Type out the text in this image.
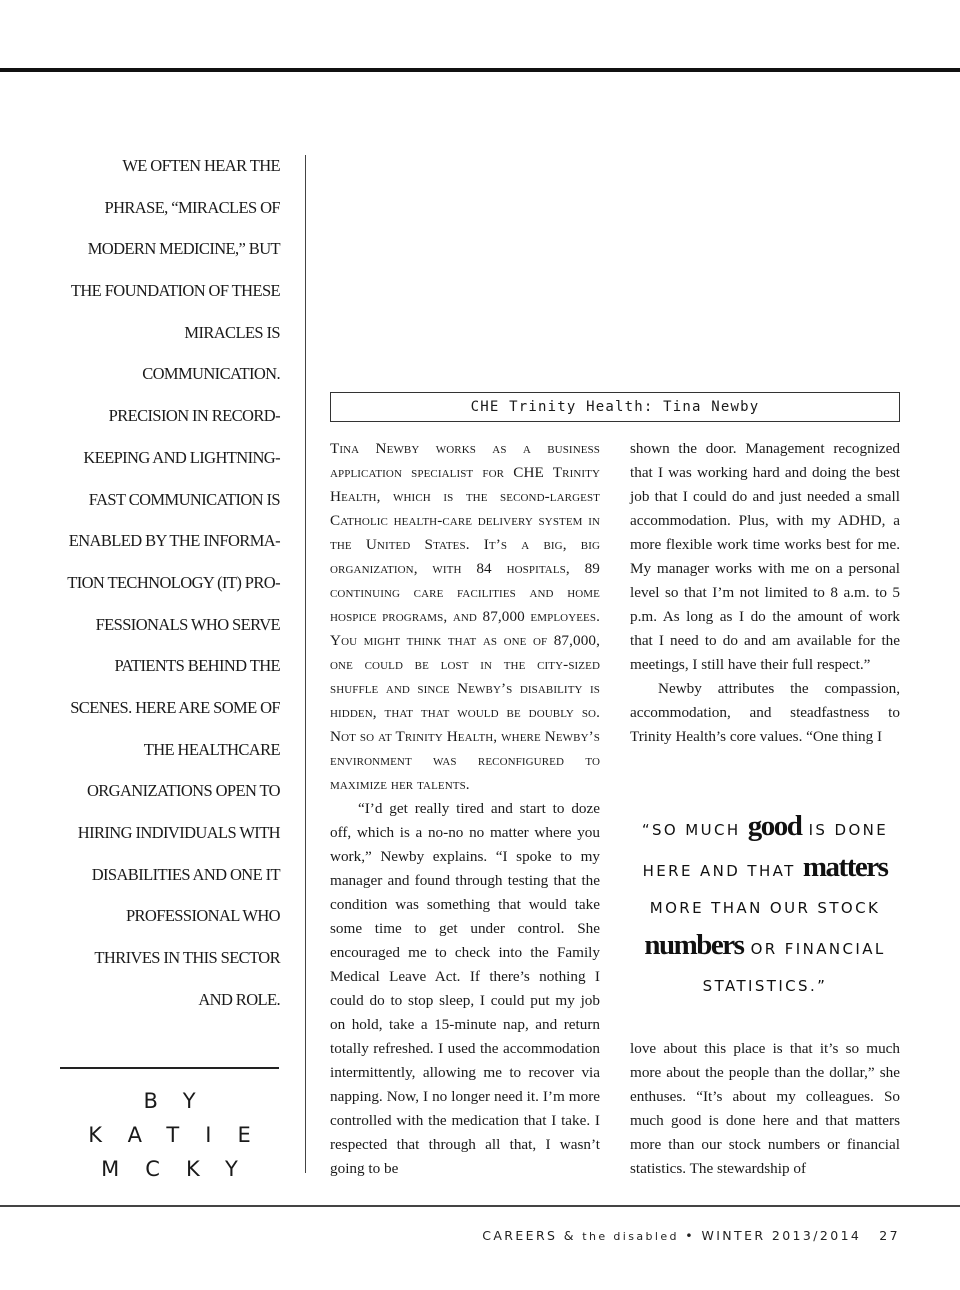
WE OFTEN HEAR THE
PHRASE, “MIRACLES OF
MODERN MEDICINE,” BUT
THE FOUNDATION OF THESE
MIRACLES IS
COMMUNICATION.
PRECISION IN RECORD-
KEEPING AND LIGHTNING-
FAST COMMUNICATION IS
ENABLED BY THE INFORMA-
TION TECHNOLOGY (IT) PRO-
FESSIONALS WHO SERVE
PATIENTS BEHIND THE
SCENES. HERE ARE SOME OF
THE HEALTHCARE
ORGANIZATIONS OPEN TO
HIRING INDIVIDUALS WITH
DISABILITIES AND ONE IT
PROFESSIONAL WHO
THRIVES IN THIS SECTOR
AND ROLE.
BY
KATIE
MCKY
CHE Trinity Health: Tina Newby

Tina Newby works as a business application specialist for CHE Trinity Health, which is the second-largest Catholic health-care delivery system in the United States. It’s a big, big organization, with 84 hospitals, 89 continuing care facilities and home hospice programs, and 87,000 employees. You might think that as one of 87,000, one could be lost in the city-sized shuffle and since Newby’s disability is hidden, that that would be doubly so. Not so at Trinity Health, where Newby’s environment was reconfigured to maximize her talents.

“I’d get really tired and start to doze off, which is a no-no no matter where you work,” Newby explains. “I spoke to my manager and found through testing that the condition was something that would take some time to get under control. She encouraged me to check into the Family Medical Leave Act. If there’s nothing I could do to stop sleep, I could put my job on hold, take a 15-minute nap, and return totally refreshed. I used the accommodation intermittently, allowing me to recover via napping. Now, I no longer need it. I’m more controlled with the medication that I take. I respected that through all that, I wasn’t going to be

shown the door. Management recognized that I was working hard and doing the best job that I could do and just needed a small accommodation. Plus, with my ADHD, a more flexible work time works best for me. My manager works with me on a personal level so that I’m not limited to 8 a.m. to 5 p.m. As long as I do the amount of work that I need to do and am available for the meetings, I still have their full respect.”

Newby attributes the compassion, accommodation, and steadfastness to Trinity Health’s core values. “One thing I

“SO MUCH good IS DONE HERE AND THAT matters MORE THAN OUR STOCK numbers OR FINANCIAL STATISTICS.”

love about this place is that it’s so much more about the people than the dollar,” she enthuses. “It’s about my colleagues. So much good is done here and that matters more than our stock numbers or financial statistics. The stewardship of

CAREERS & the disabled • WINTER 2013/2014 27
